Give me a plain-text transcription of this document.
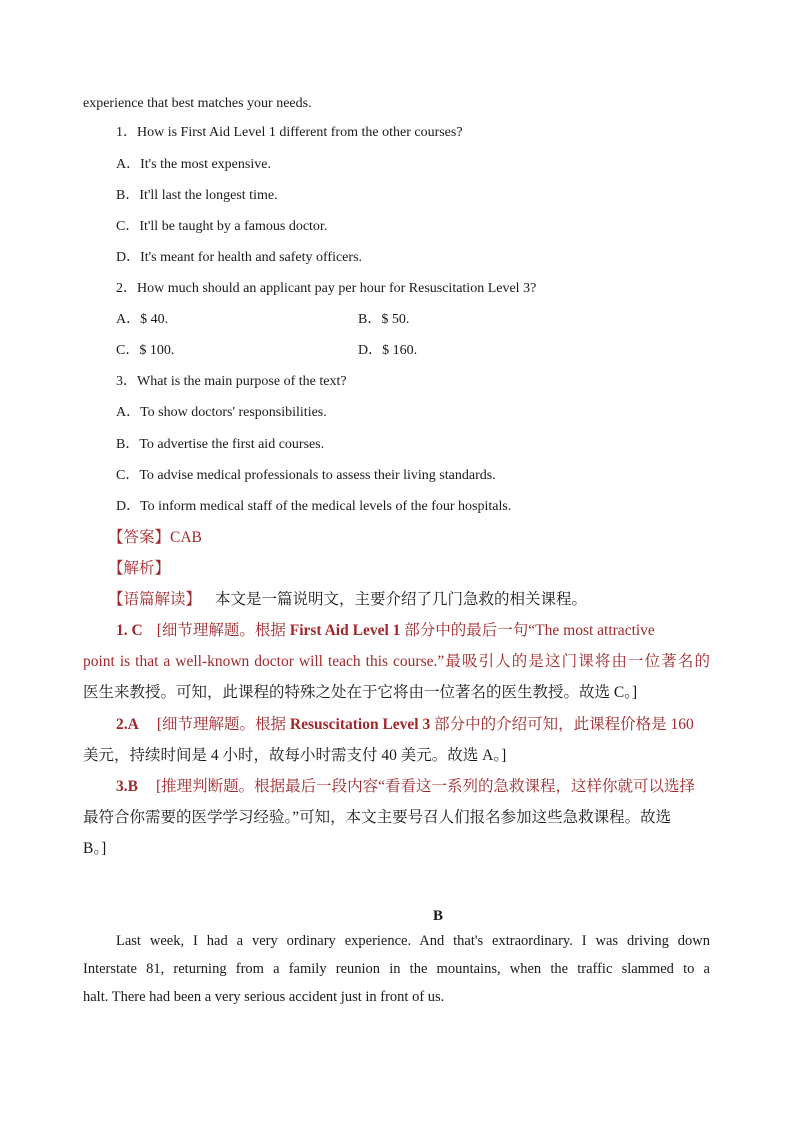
experience that best matches your needs.
1．How is First Aid Level 1 different from the other courses?
A．It's the most expensive.
B．It'll last the longest time.
C．It'll be taught by a famous doctor.
D．It's meant for health and safety officers.
2．How much should an applicant pay per hour for Resuscitation Level 3?
A．$ 40.	B．$ 50.
C．$ 100.	D．$ 160.
3．What is the main purpose of the text?
A．To show doctors' responsibilities.
B．To advertise the first aid courses.
C．To advise medical professionals to assess their living standards.
D．To inform medical staff of the medical levels of the four hospitals.
【答案】CAB
【解析】
【语篇解读】 本文是一篇说明文，主要介绍了几门急救的相关课程。
1. C [细节理解题。根据 First Aid Level 1 部分中的最后一句“The most attractive
point is that a well-known doctor will teach this course.”最吸引人的是这门课将由一位著名的
医生来教授。可知，此课程的特殊之处在于它将由一位著名的医生教授。故选 C。]
2.A [细节理解题。根据 Resuscitation Level 3 部分中的介绍可知，此课程价格是 160
美元，持续时间是 4 小时，故每小时需支付 40 美元。故选 A。]
3.B [推理判断题。根据最后一段内容“看看这一系列的急救课程，这样你就可以选择
最符合你需要的医学学习经验。”可知，本文主要号召人们报名参加这些急救课程。故选
B。]
B
Last week, I had a very ordinary experience. And that's extraordinary. I was driving down
Interstate 81, returning from a family reunion in the mountains, when the traffic slammed to a
halt. There had been a very serious accident just in front of us.
